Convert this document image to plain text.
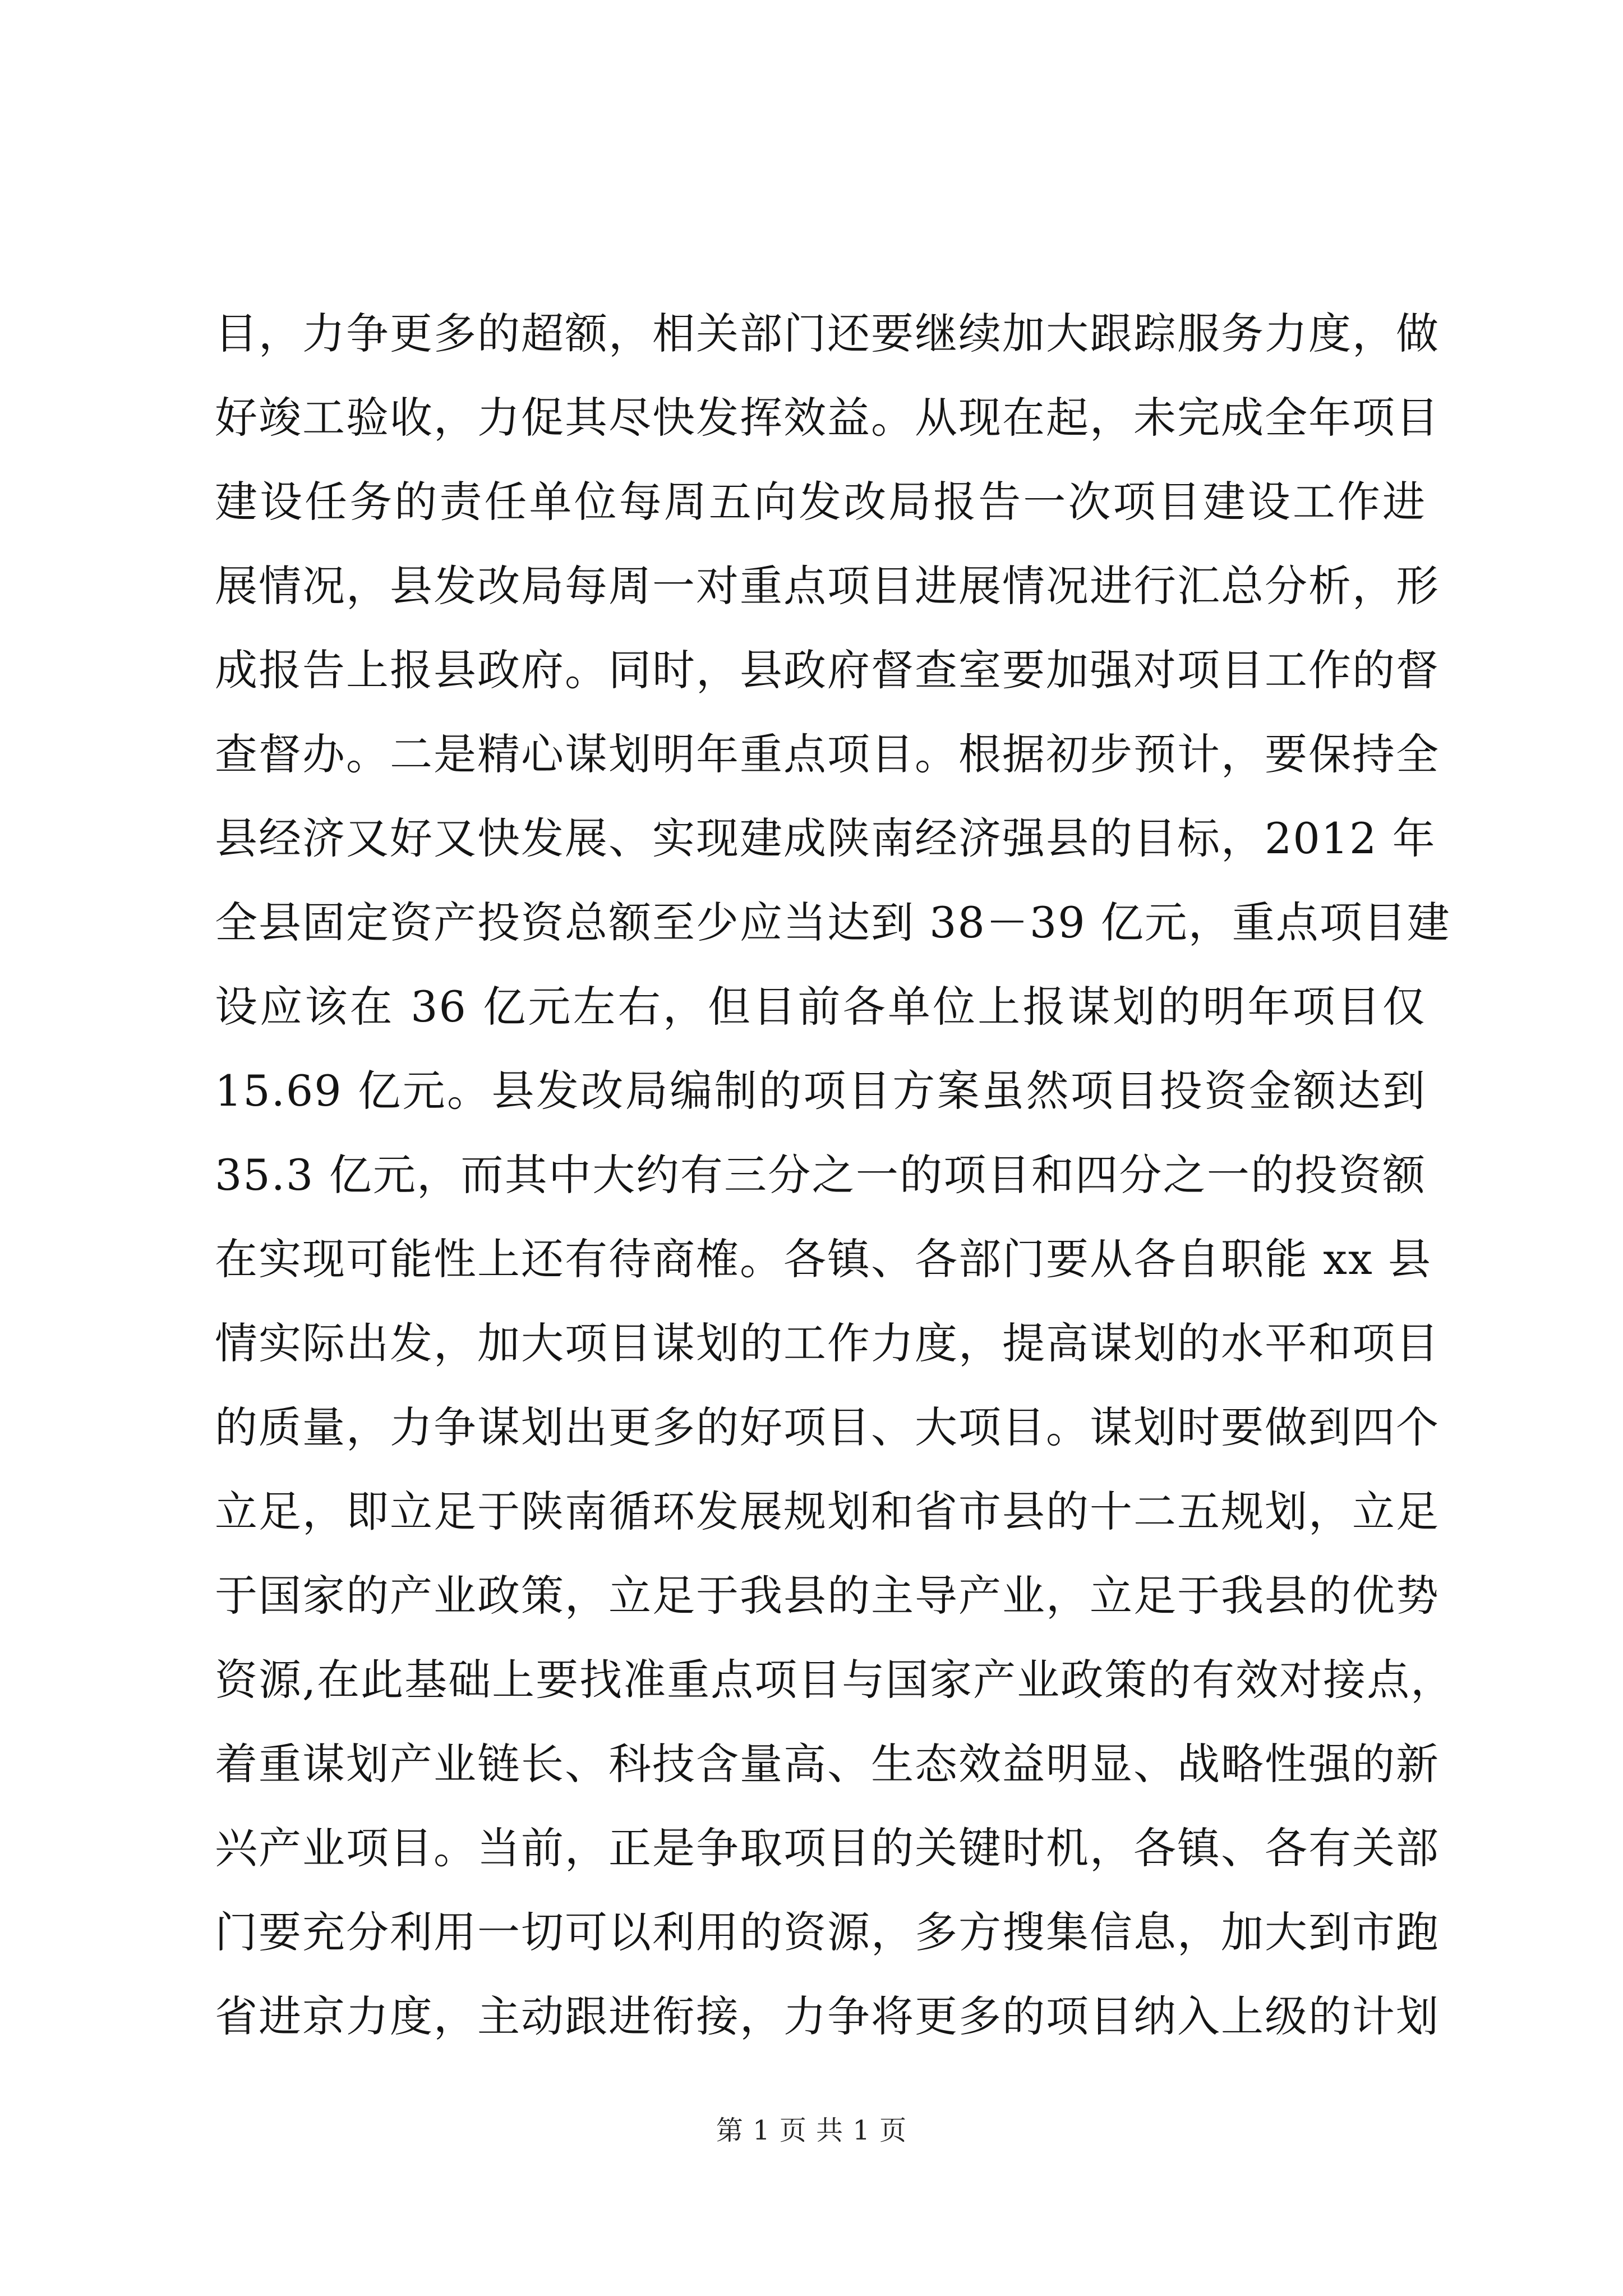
目，力争更多的超额，相关部门还要继续加大跟踪服务力度，做
好竣工验收，力促其尽快发挥效益。从现在起，未完成全年项目
建设任务的责任单位每周五向发改局报告一次项目建设工作进
展情况，县发改局每周一对重点项目进展情况进行汇总分析，形
成报告上报县政府。同时，县政府督查室要加强对项目工作的督
查督办。二是精心谋划明年重点项目。根据初步预计，要保持全
县经济又好又快发展、实现建成陕南经济强县的目标，2012 年
全县固定资产投资总额至少应当达到 38－39 亿元，重点项目建
设应该在 36 亿元左右，但目前各单位上报谋划的明年项目仅
15.69 亿元。县发改局编制的项目方案虽然项目投资金额达到
35.3 亿元，而其中大约有三分之一的项目和四分之一的投资额
在实现可能性上还有待商榷。各镇、各部门要从各自职能 xx 县
情实际出发，加大项目谋划的工作力度，提高谋划的水平和项目
的质量，力争谋划出更多的好项目、大项目。谋划时要做到四个
立足，即立足于陕南循环发展规划和省市县的十二五规划，立足
于国家的产业政策，立足于我县的主导产业，立足于我县的优势
资源,在此基础上要找准重点项目与国家产业政策的有效对接点，
着重谋划产业链长、科技含量高、生态效益明显、战略性强的新
兴产业项目。当前，正是争取项目的关键时机，各镇、各有关部
门要充分利用一切可以利用的资源，多方搜集信息，加大到市跑
省进京力度，主动跟进衔接，力争将更多的项目纳入上级的计划
第 1 页 共 1 页
